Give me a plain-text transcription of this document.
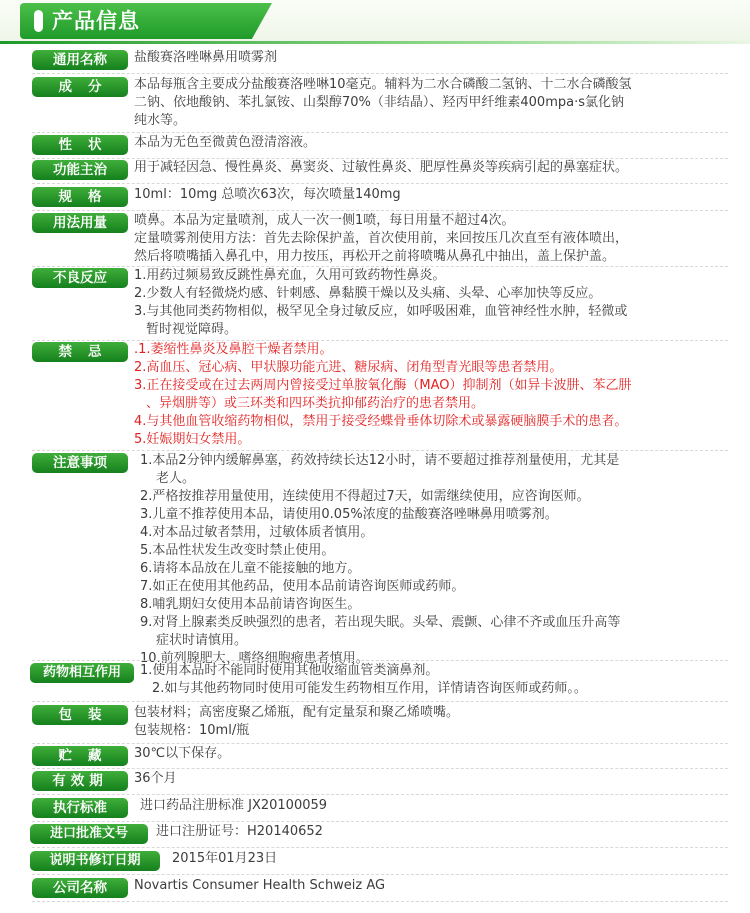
产品信息
通用名称 盐酸赛洛唑啉鼻用喷雾剂
成分 本品每瓶含主要成分盐酸赛洛唑啉10毫克。辅料为二水合磷酸二氢钠、十二水合磷酸氢
二钠、依地酸钠、苯扎氯铵、山梨醇70%（非结晶）、羟丙甲纤维素400mpa·s氯化钠
纯水等。
性状 本品为无色至微黄色澄清溶液。
功能主治 用于减轻因急、慢性鼻炎、鼻窦炎、过敏性鼻炎、肥厚性鼻炎等疾病引起的鼻塞症状。
规格 10ml：10mg 总喷次63次，每次喷量140mg
用法用量 喷鼻。本品为定量喷剂，成人一次一侧1喷，每日用量不超过4次。
定量喷雾剂使用方法：首先去除保护盖，首次使用前，来回按压几次直至有液体喷出，
然后将喷嘴插入鼻孔中，用力按压，再松开之前将喷嘴从鼻孔中抽出，盖上保护盖。
不良反应 1.用药过频易致反跳性鼻充血，久用可致药物性鼻炎。
2.少数人有轻微烧灼感、针刺感、鼻黏膜干燥以及头痛、头晕、心率加快等反应。
3.与其他同类药物相似，极罕见全身过敏反应，如呼吸困难，血管神经性水肿，轻微或
暂时视觉障碍。
禁忌 .1.萎缩性鼻炎及鼻腔干燥者禁用。
2.高血压、冠心病、甲状腺功能亢进、糖尿病、闭角型青光眼等患者禁用。
3.正在接受或在过去两周内曾接受过单胺氧化酶（MAO）抑制剂（如异卡波肼、苯乙肼
、异烟肼等）或三环类和四环类抗抑郁药治疗的患者禁用。
4.与其他血管收缩药物相似，禁用于接受经蝶骨垂体切除术或暴露硬脑膜手术的患者。
5.妊娠期妇女禁用。
注意事项	1.本品2分钟内缓解鼻塞，药效持续长达12小时，请不要超过推荐剂量使用，尤其是
老人。
2.严格按推荐用量使用，连续使用不得超过7天，如需继续使用，应咨询医师。
3.儿童不推荐使用本品，请使用0.05%浓度的盐酸赛洛唑啉鼻用喷雾剂。
4.对本品过敏者禁用，过敏体质者慎用。
5.本品性状发生改变时禁止使用。
6.请将本品放在儿童不能接触的地方。
7.如正在使用其他药品，使用本品前请咨询医师或药师。
8.哺乳期妇女使用本品前请咨询医生。
9.对肾上腺素类反映强烈的患者，若出现失眠。头晕、震颤、心律不齐或血压升高等
症状时请慎用。
10.前列腺肥大、嗜络细胞瘤患者慎用。
药物相互作用 1.使用本品时不能同时使用其他收缩血管类滴鼻剂。
2.如与其他药物同时使用可能发生药物相互作用，详情请咨询医师或药师。。
包装 包装材料；高密度聚乙烯瓶，配有定量泵和聚乙烯喷嘴。
包装规格：10ml/瓶
贮藏 30℃以下保存。
有效期 36个月
执行标准	进口药品注册标准 JX20100059
进口批准文号 进口注册证号：H20140652
说明书修订日期 2015年01月23日
公司名称 Novartis Consumer Health Schweiz AG
